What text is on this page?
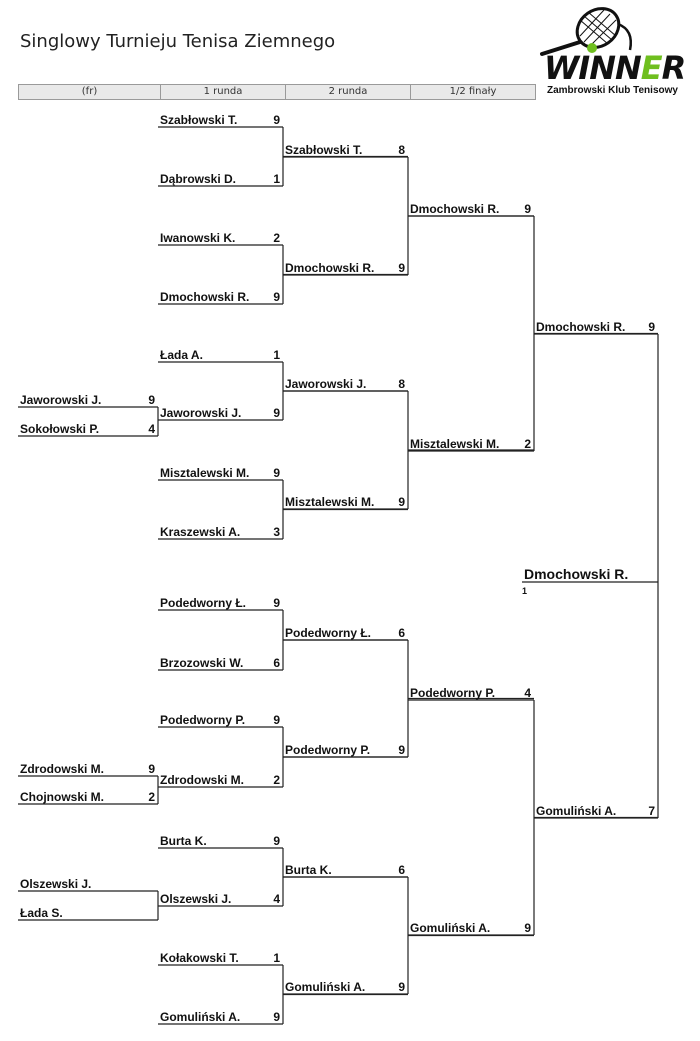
Singlowy Turnieju Tenisa Ziemnego
WINNER
Zambrowski Klub Tenisowy
(fr)	1 runda	2 runda	1/2 finały
Jaworowski J.	9
Sokołowski P.	4
Zdrodowski M.	9
Chojnowski M.	2
Olszewski J.
Łada S.
Szabłowski T.	9
Dąbrowski D.	1
Iwanowski K.	2
Dmochowski R. 9
Łada A.	1
Jaworowski J.	9
Misztalewski M. 9
Kraszewski A.	3
Podedworny Ł. 9
Brzozowski W. 6
Podedworny P. 9
Zdrodowski M. 2
Burta K.	9
Olszewski J.	4
Kołakowski T.	1
Gomuliński A.	9
Szabłowski T.	8
Dmochowski R. 9
Jaworowski J.	8
Misztalewski M. 9
Podedworny Ł. 6
Podedworny P. 9
Burta K.	6
Gomuliński A.	9
Dmochowski R. 9
Misztalewski M. 2
Podedworny P. 4
Gomuliński A.	9
Dmochowski R. 9
Gomuliński A.	7
Dmochowski R.
1
